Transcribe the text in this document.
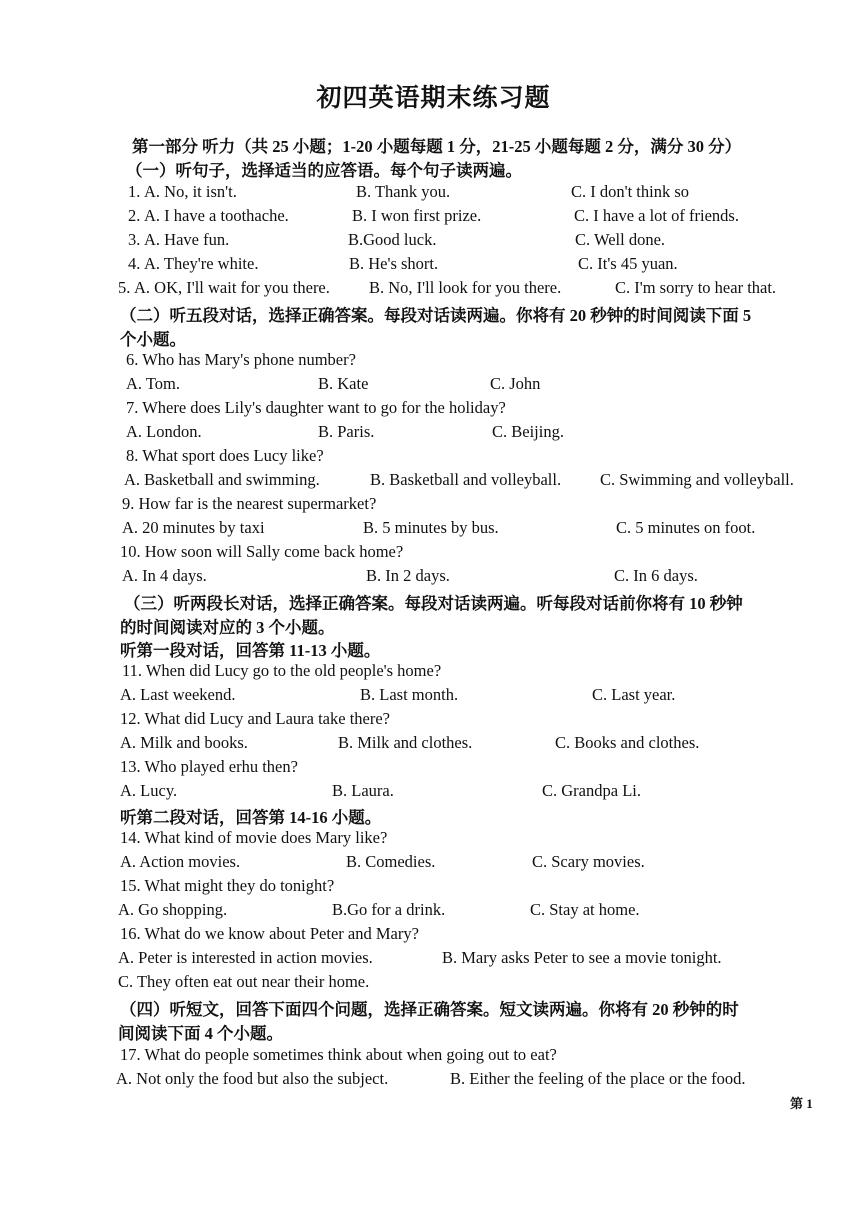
初四英语期末练习题
第一部分 听力（共 25 小题；1-20 小题每题 1 分，21-25 小题每题 2 分，满分 30 分）
（一）听句子，选择适当的应答语。每个句子读两遍。
1. A. No, it isn't.	B. Thank you.	C. I don't think so
2. A. I have a toothache.	B. I won first prize.	C. I have a lot of friends.
3. A. Have fun.	B.Good luck.	C. Well done.
4. A. They're white.	B. He's short.	C. It's 45 yuan.
5. A. OK, I'll wait for you there. B. No, I'll look for you there.	C. I'm sorry to hear that.
（二）听五段对话，选择正确答案。每段对话读两遍。你将有 20 秒钟的时间阅读下面 5
个小题。
6. Who has Mary's phone number?
A. Tom.	B. Kate	C. John
7. Where does Lily's daughter want to go for the holiday?
A. London.	B. Paris.	C. Beijing.
8. What sport does Lucy like?
A. Basketball and swimming.	B. Basketball and volleyball. C. Swimming and volleyball.
9. How far is the nearest supermarket?
A. 20 minutes by taxi	B. 5 minutes by bus.	C. 5 minutes on foot.
10. How soon will Sally come back home?
A. In 4 days.	B. In 2 days.	C. In 6 days.
（三）听两段长对话，选择正确答案。每段对话读两遍。听每段对话前你将有 10 秒钟
的时间阅读对应的 3 个小题。
听第一段对话，回答第 11-13 小题。
11. When did Lucy go to the old people's home?
A. Last weekend.	B. Last month.	C. Last year.
12. What did Lucy and Laura take there?
A. Milk and books.	B. Milk and clothes.	C. Books and clothes.
13. Who played erhu then?
A. Lucy.	B. Laura.	C. Grandpa Li.
听第二段对话，回答第 14-16 小题。
14. What kind of movie does Mary like?
A. Action movies.	B. Comedies.	C. Scary movies.
15. What might they do tonight?
A. Go shopping.	B.Go for a drink.	C. Stay at home.
16. What do we know about Peter and Mary?
A. Peter is interested in action movies.	B. Mary asks Peter to see a movie tonight.
C. They often eat out near their home.
（四）听短文，回答下面四个问题，选择正确答案。短文读两遍。你将有 20 秒钟的时
间阅读下面 4 个小题。
17. What do people sometimes think about when going out to eat?
A. Not only the food but also the subject.	B. Either the feeling of the place or the food.
第 1
